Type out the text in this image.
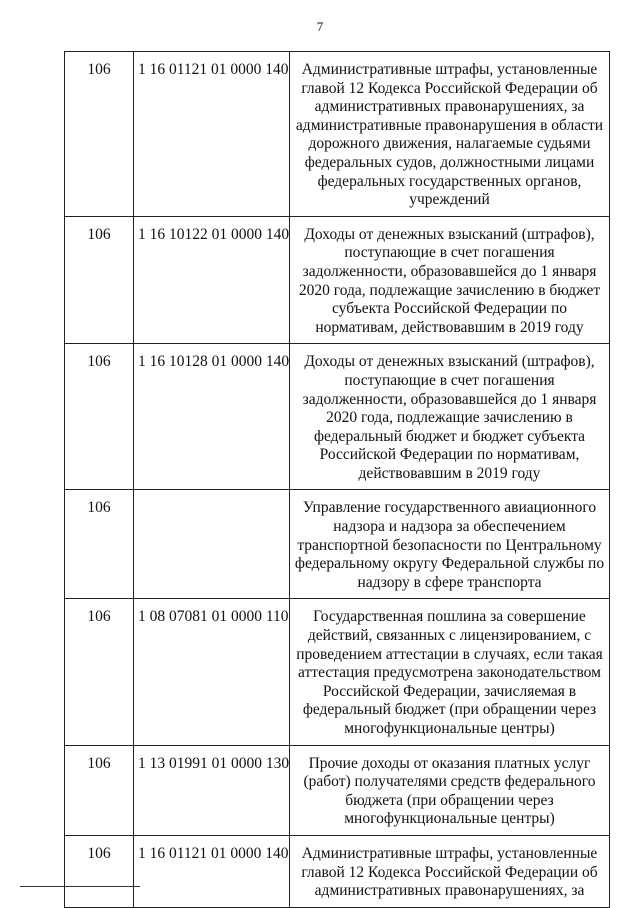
7
106	1 16 01121 01 0000 140	Административные штрафы, установленные главой 12 Кодекса Российской Федерации об административных правонарушениях, за административные правонарушения в области дорожного движения, налагаемые судьями федеральных судов, должностными лицами федеральных государственных органов, учреждений
106	1 16 10122 01 0000 140	Доходы от денежных взысканий (штрафов), поступающие в счет погашения задолженности, образовавшейся до 1 января 2020 года, подлежащие зачислению в бюджет субъекта Российской Федерации по нормативам, действовавшим в 2019 году
106	1 16 10128 01 0000 140	Доходы от денежных взысканий (штрафов), поступающие в счет погашения задолженности, образовавшейся до 1 января 2020 года, подлежащие зачислению в федеральный бюджет и бюджет субъекта Российской Федерации по нормативам, действовавшим в 2019 году
106		Управление государственного авиационного надзора и надзора за обеспечением транспортной безопасности по Центральному федеральному округу Федеральной службы по надзору в сфере транспорта
106	1 08 07081 01 0000 110	Государственная пошлина за совершение действий, связанных с лицензированием, с проведением аттестации в случаях, если такая аттестация предусмотрена законодательством Российской Федерации, зачисляемая в федеральный бюджет (при обращении через многофункциональные центры)
106	1 13 01991 01 0000 130	Прочие доходы от оказания платных услуг (работ) получателями средств федерального бюджета (при обращении через многофункциональные центры)
106	1 16 01121 01 0000 140	Административные штрафы, установленные главой 12 Кодекса Российской Федерации об административных правонарушениях, за
